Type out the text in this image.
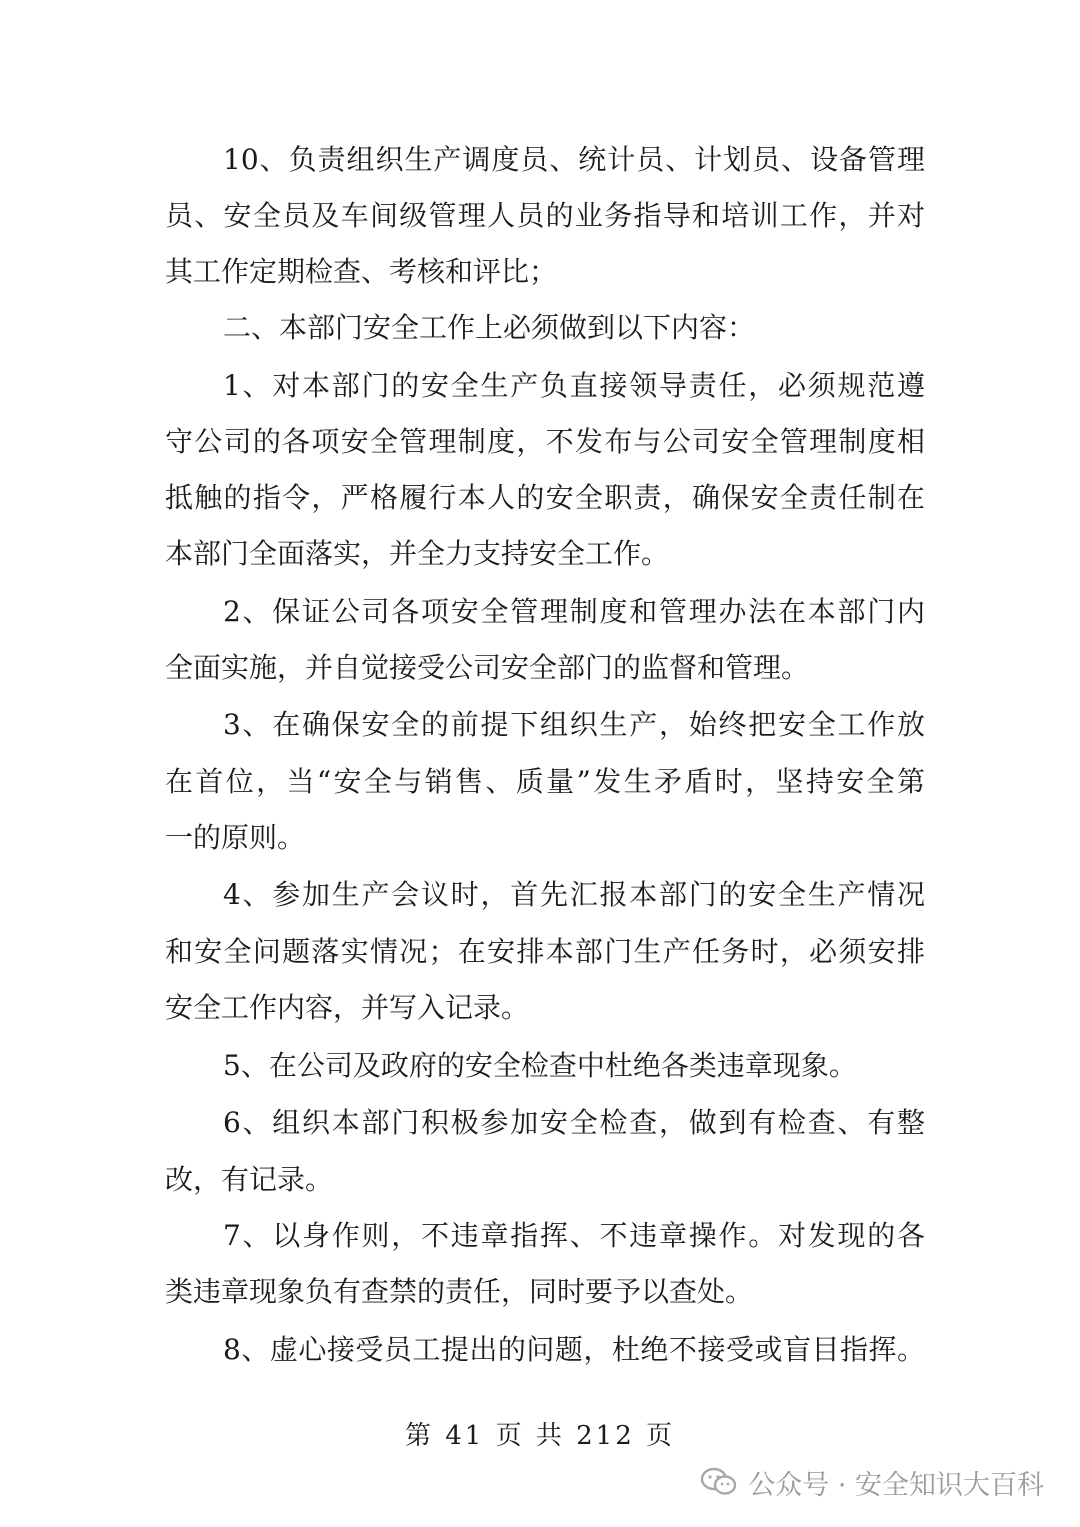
10、负责组织生产调度员、统计员、计划员、设备管理
员、安全员及车间级管理人员的业务指导和培训工作，并对
其工作定期检查、考核和评比；
二、本部门安全工作上必须做到以下内容：
1、对本部门的安全生产负直接领导责任，必须规范遵
守公司的各项安全管理制度，不发布与公司安全管理制度相
抵触的指令，严格履行本人的安全职责，确保安全责任制在
本部门全面落实，并全力支持安全工作。
2、保证公司各项安全管理制度和管理办法在本部门内
全面实施，并自觉接受公司安全部门的监督和管理。
3、在确保安全的前提下组织生产，始终把安全工作放
在首位，当“安全与销售、质量”发生矛盾时，坚持安全第
一的原则。
4、参加生产会议时，首先汇报本部门的安全生产情况
和安全问题落实情况；在安排本部门生产任务时，必须安排
安全工作内容，并写入记录。
5、在公司及政府的安全检查中杜绝各类违章现象。
6、组织本部门积极参加安全检查，做到有检查、有整
改，有记录。
7、以身作则，不违章指挥、不违章操作。对发现的各
类违章现象负有查禁的责任，同时要予以查处。
8、虚心接受员工提出的问题，杜绝不接受或盲目指挥。
第 41 页 共 212 页
公众号 · 安全知识大百科
